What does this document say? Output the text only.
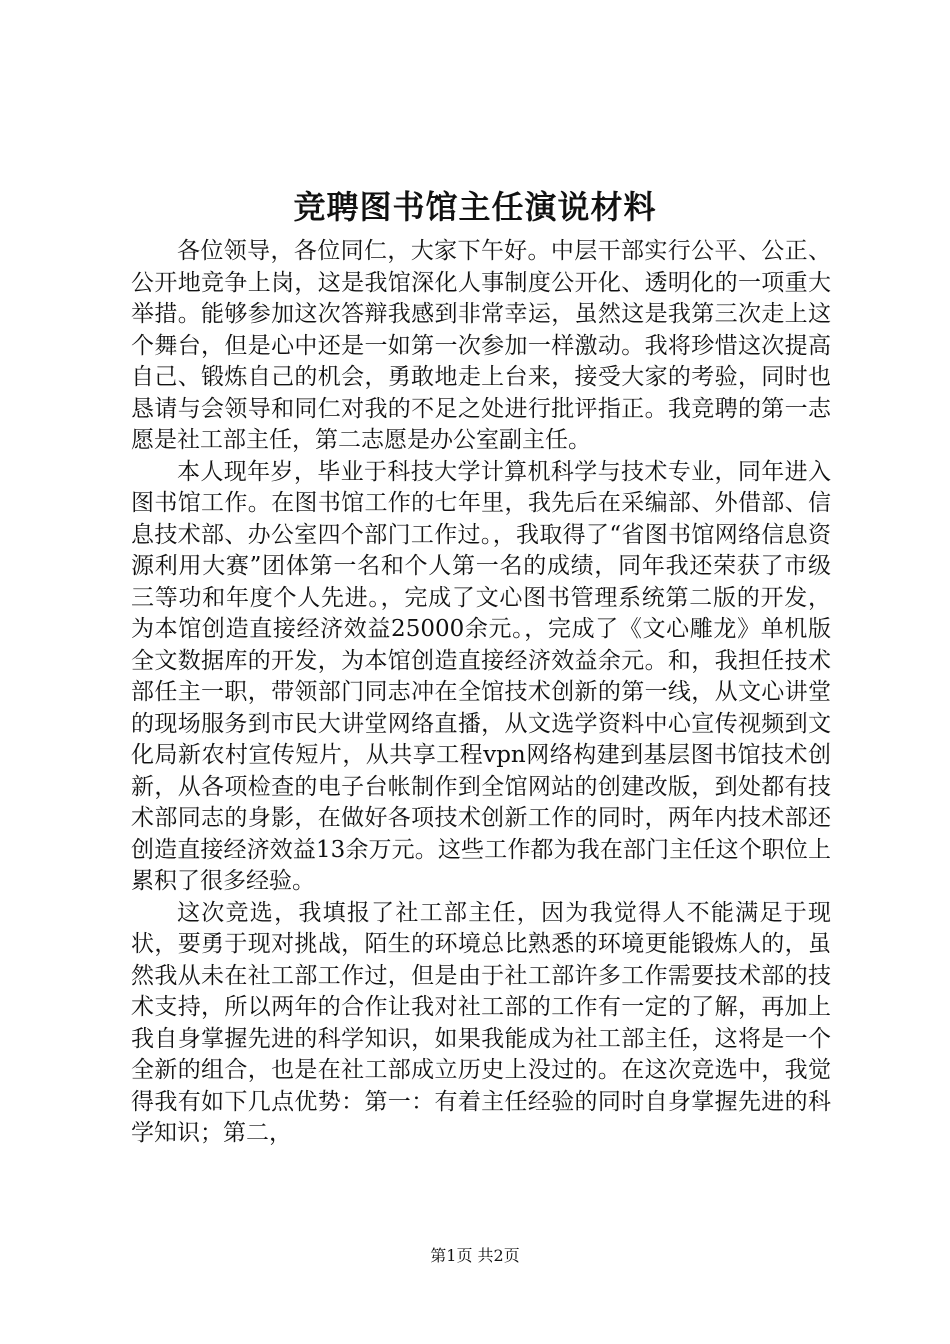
竞聘图书馆主任演说材料

各位领导，各位同仁，大家下午好。中层干部实行公平、公正、公开地竞争上岗，这是我馆深化人事制度公开化、透明化的一项重大举措。能够参加这次答辩我感到非常幸运，虽然这是我第三次走上这个舞台，但是心中还是一如第一次参加一样激动。我将珍惜这次提高自己、锻炼自己的机会，勇敢地走上台来，接受大家的考验，同时也恳请与会领导和同仁对我的不足之处进行批评指正。我竞聘的第一志愿是社工部主任，第二志愿是办公室副主任。

本人现年岁，毕业于科技大学计算机科学与技术专业，同年进入图书馆工作。在图书馆工作的七年里，我先后在采编部、外借部、信息技术部、办公室四个部门工作过。，我取得了“省图书馆网络信息资源利用大赛”团体第一名和个人第一名的成绩，同年我还荣获了市级三等功和年度个人先进。，完成了文心图书管理系统第二版的开发，为本馆创造直接经济效益25000余元。，完成了《文心雕龙》单机版全文数据库的开发，为本馆创造直接经济效益余元。和，我担任技术部任主一职，带领部门同志冲在全馆技术创新的第一线，从文心讲堂的现场服务到市民大讲堂网络直播，从文选学资料中心宣传视频到文化局新农村宣传短片，从共享工程vpn网络构建到基层图书馆技术创新，从各项检查的电子台帐制作到全馆网站的创建改版，到处都有技术部同志的身影，在做好各项技术创新工作的同时，两年内技术部还创造直接经济效益13余万元。这些工作都为我在部门主任这个职位上累积了很多经验。

这次竞选，我填报了社工部主任，因为我觉得人不能满足于现状，要勇于现对挑战，陌生的环境总比熟悉的环境更能锻炼人的，虽然我从未在社工部工作过，但是由于社工部许多工作需要技术部的技术支持，所以两年的合作让我对社工部的工作有一定的了解，再加上我自身掌握先进的科学知识，如果我能成为社工部主任，这将是一个全新的组合，也是在社工部成立历史上没过的。在这次竞选中，我觉得我有如下几点优势：第一：有着主任经验的同时自身掌握先进的科学知识；第二，

第1页 共2页
